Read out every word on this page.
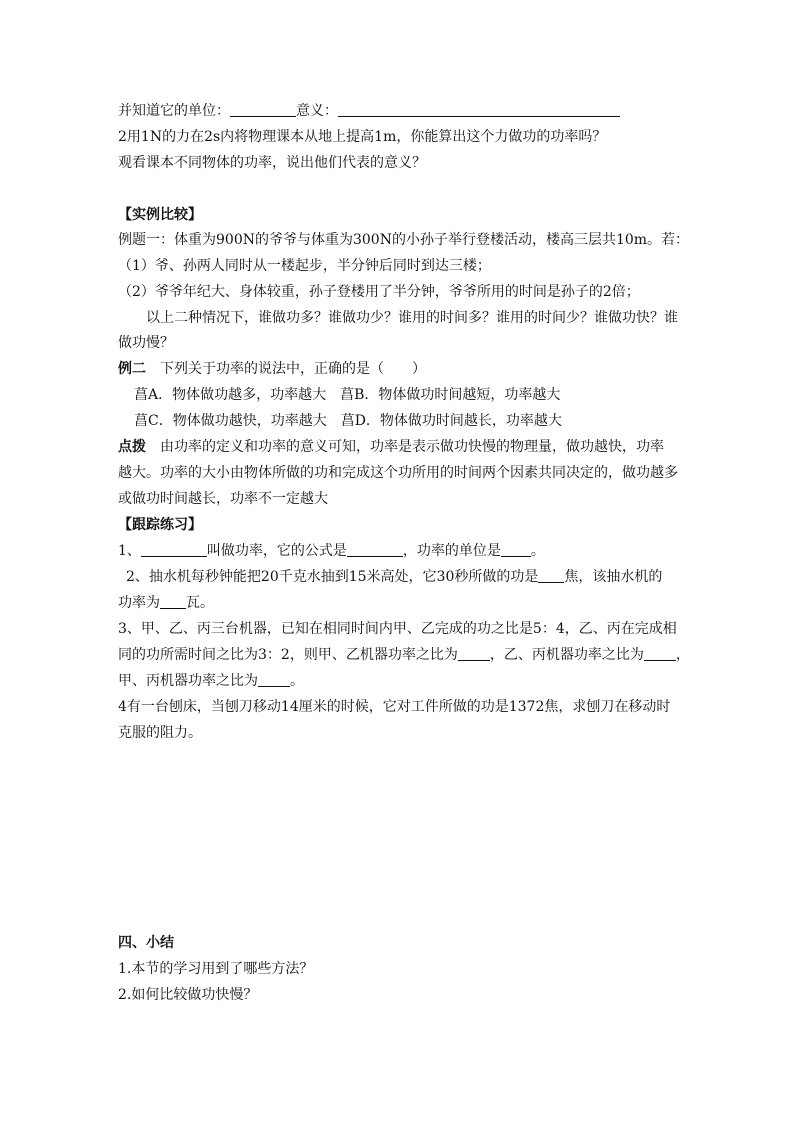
并知道它的单位：	意义：
2用1N的力在2s内将物理课本从地上提高1m，你能算出这个力做功的功率吗？
观看课本不同物体的功率，说出他们代表的意义？
【实例比较】
例题一：体重为900N的爷爷与体重为300N的小孙子举行登楼活动，楼高三层共10m。若：
（1）爷、孙两人同时从一楼起步，半分钟后同时到达三楼；
（2）爷爷年纪大、身体较重，孙子登楼用了半分钟，爷爷所用的时间是孙子的2倍；
以上二种情况下，谁做功多？谁做功少？谁用的时间多？谁用的时间少？谁做功快？谁
做功慢？
例二 下列关于功率的说法中，正确的是（　　）
菖A．物体做功越多，功率越大　菖B．物体做功时间越短，功率越大
菖C．物体做功越快，功率越大　菖D．物体做功时间越长，功率越大
点拨 由功率的定义和功率的意义可知，功率是表示做功快慢的物理量，做功越快，功率
越大。功率的大小由物体所做的功和完成这个功所用的时间两个因素共同决定的，做功越多
或做功时间越长，功率不一定越大
【跟踪练习】
1、	叫做功率，它的公式是	，功率的单位是 。
2、抽水机每秒钟能把20千克水抽到15米高处，它30秒所做的功是 焦，该抽水机的
功率为 瓦。
3、甲、乙、丙三台机器，已知在相同时间内甲、乙完成的功之比是5：4，乙、丙在完成相
同的功所需时间之比为3：2，则甲、乙机器功率之比为 ，乙、丙机器功率之比为 ，
甲、丙机器功率之比为 。
4有一台刨床，当刨刀移动14厘米的时候，它对工件所做的功是1372焦，求刨刀在移动时
克服的阻力。
四、小结
1.本节的学习用到了哪些方法？
2.如何比较做功快慢？
